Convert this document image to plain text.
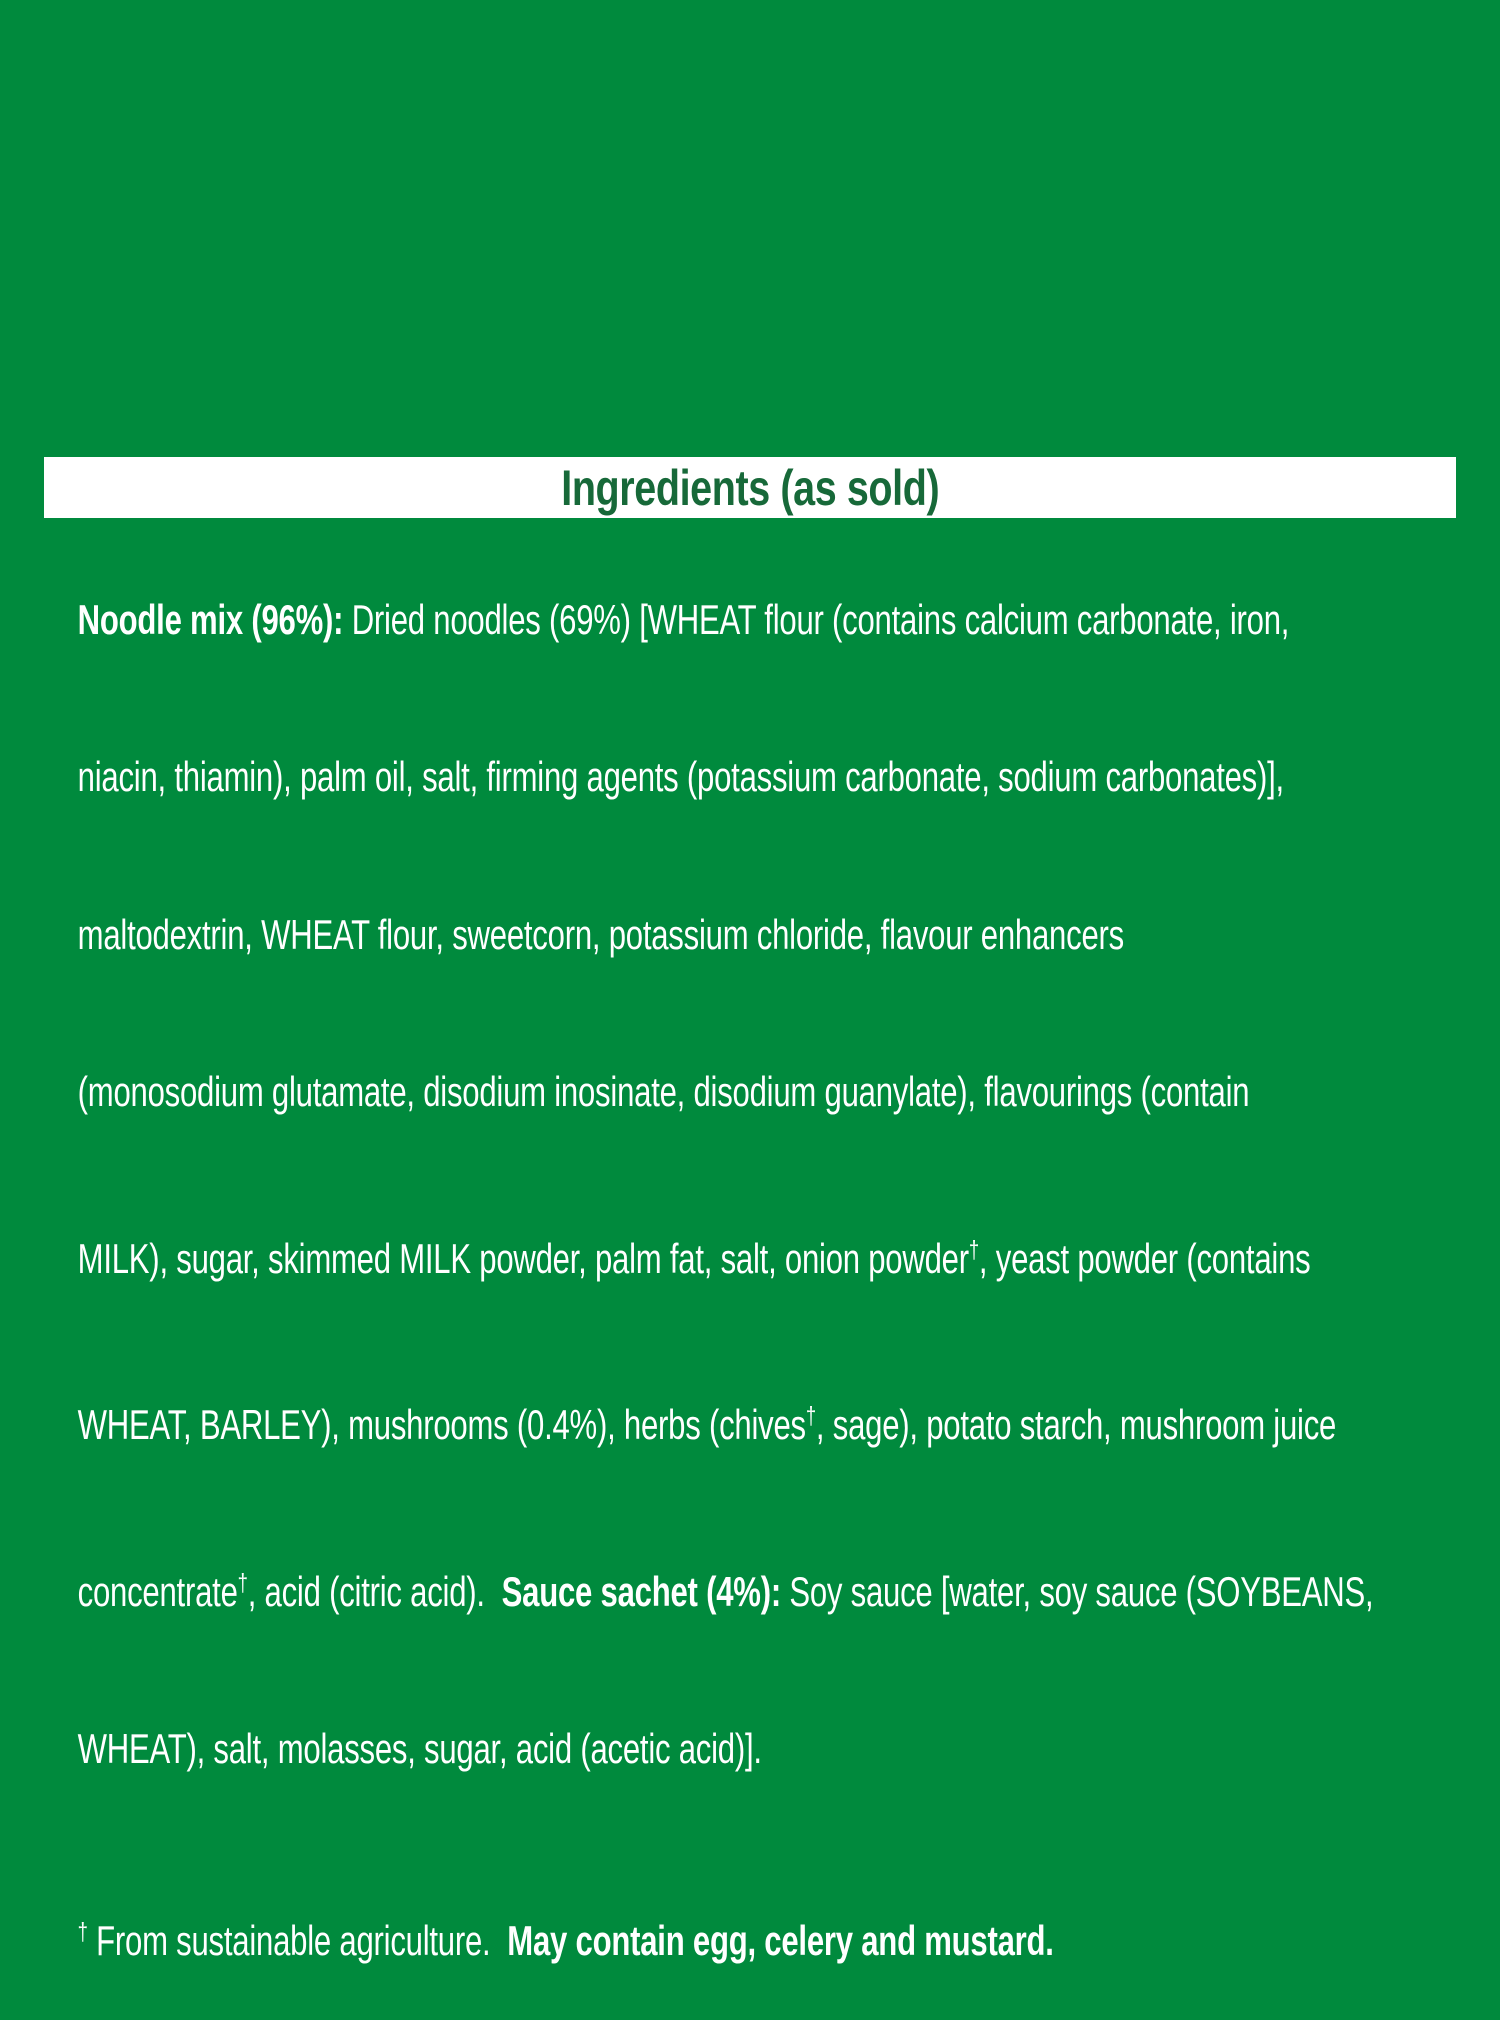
Ingredients (as sold)

Noodle mix (96%): Dried noodles (69%) [WHEAT flour (contains calcium carbonate, iron,

niacin, thiamin), palm oil, salt, firming agents (potassium carbonate, sodium carbonates)],

maltodextrin, WHEAT flour, sweetcorn, potassium chloride, flavour enhancers

(monosodium glutamate, disodium inosinate, disodium guanylate), flavourings (contain

MILK), sugar, skimmed MILK powder, palm fat, salt, onion powder†, yeast powder (contains

WHEAT, BARLEY), mushrooms (0.4%), herbs (chives†, sage), potato starch, mushroom juice

concentrate†, acid (citric acid).  Sauce sachet (4%): Soy sauce [water, soy sauce (SOYBEANS,

WHEAT), salt, molasses, sugar, acid (acetic acid)].

† From sustainable agriculture.  May contain egg, celery and mustard.
